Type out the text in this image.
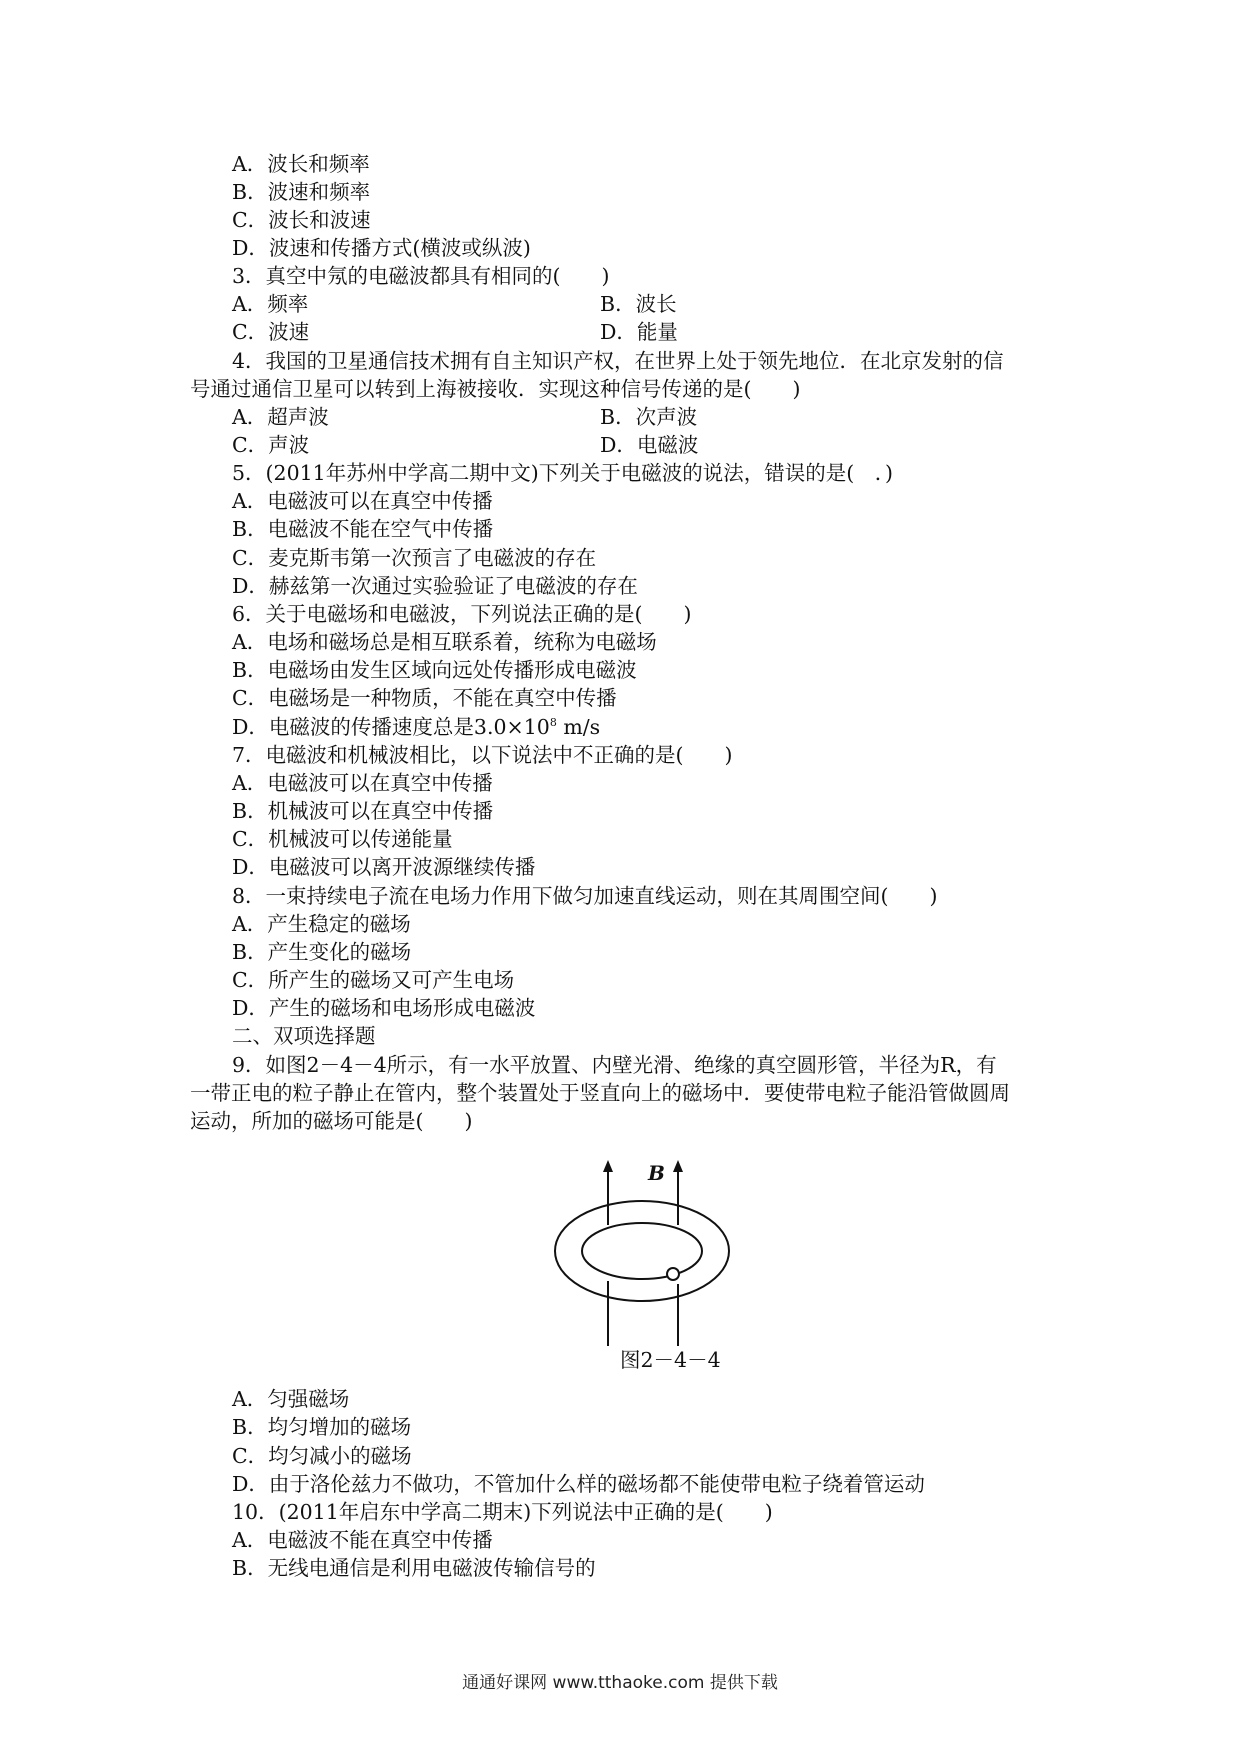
A．波长和频率
B．波速和频率
C．波长和波速
D．波速和传播方式(横波或纵波)
3．真空中氖的电磁波都具有相同的(　　)
A．频率	B．波长
C．波速	D．能量
4．我国的卫星通信技术拥有自主知识产权，在世界上处于领先地位．在北京发射的信
号通过通信卫星可以转到上海被接收．实现这种信号传递的是(　　)
A．超声波	B．次声波
C．声波	D．电磁波
5．(2011年苏州中学高二期中文)下列关于电磁波的说法，错误的是(　．)
A．电磁波可以在真空中传播
B．电磁波不能在空气中传播
C．麦克斯韦第一次预言了电磁波的存在
D．赫兹第一次通过实验验证了电磁波的存在
6．关于电磁场和电磁波，下列说法正确的是(　　)
A．电场和磁场总是相互联系着，统称为电磁场
B．电磁场由发生区域向远处传播形成电磁波
C．电磁场是一种物质，不能在真空中传播
D．电磁波的传播速度总是$3.0\times 10^8$ m/s
7．电磁波和机械波相比，以下说法中不正确的是(　　)
A．电磁波可以在真空中传播
B．机械波可以在真空中传播
C．机械波可以传递能量
D．电磁波可以离开波源继续传播
8．一束持续电子流在电场力作用下做匀加速直线运动，则在其周围空间(　　)
A．产生稳定的磁场
B．产生变化的磁场
C．所产生的磁场又可产生电场
D．产生的磁场和电场形成电磁波
二、双项选择题
9．如图2－4－4所示，有一水平放置、内壁光滑、绝缘的真空圆形管，半径为R，有
一带正电的粒子静止在管内，整个装置处于竖直向上的磁场中．要使带电粒子能沿管做圆周
运动，所加的磁场可能是(　　)
B
图2－4－4
A．匀强磁场
B．均匀增加的磁场
C．均匀减小的磁场
D．由于洛伦兹力不做功，不管加什么样的磁场都不能使带电粒子绕着管运动
10．(2011年启东中学高二期末)下列说法中正确的是(　　)
A．电磁波不能在真空中传播
B．无线电通信是利用电磁波传输信号的
通通好课网 www.tthaoke.com 提供下载
